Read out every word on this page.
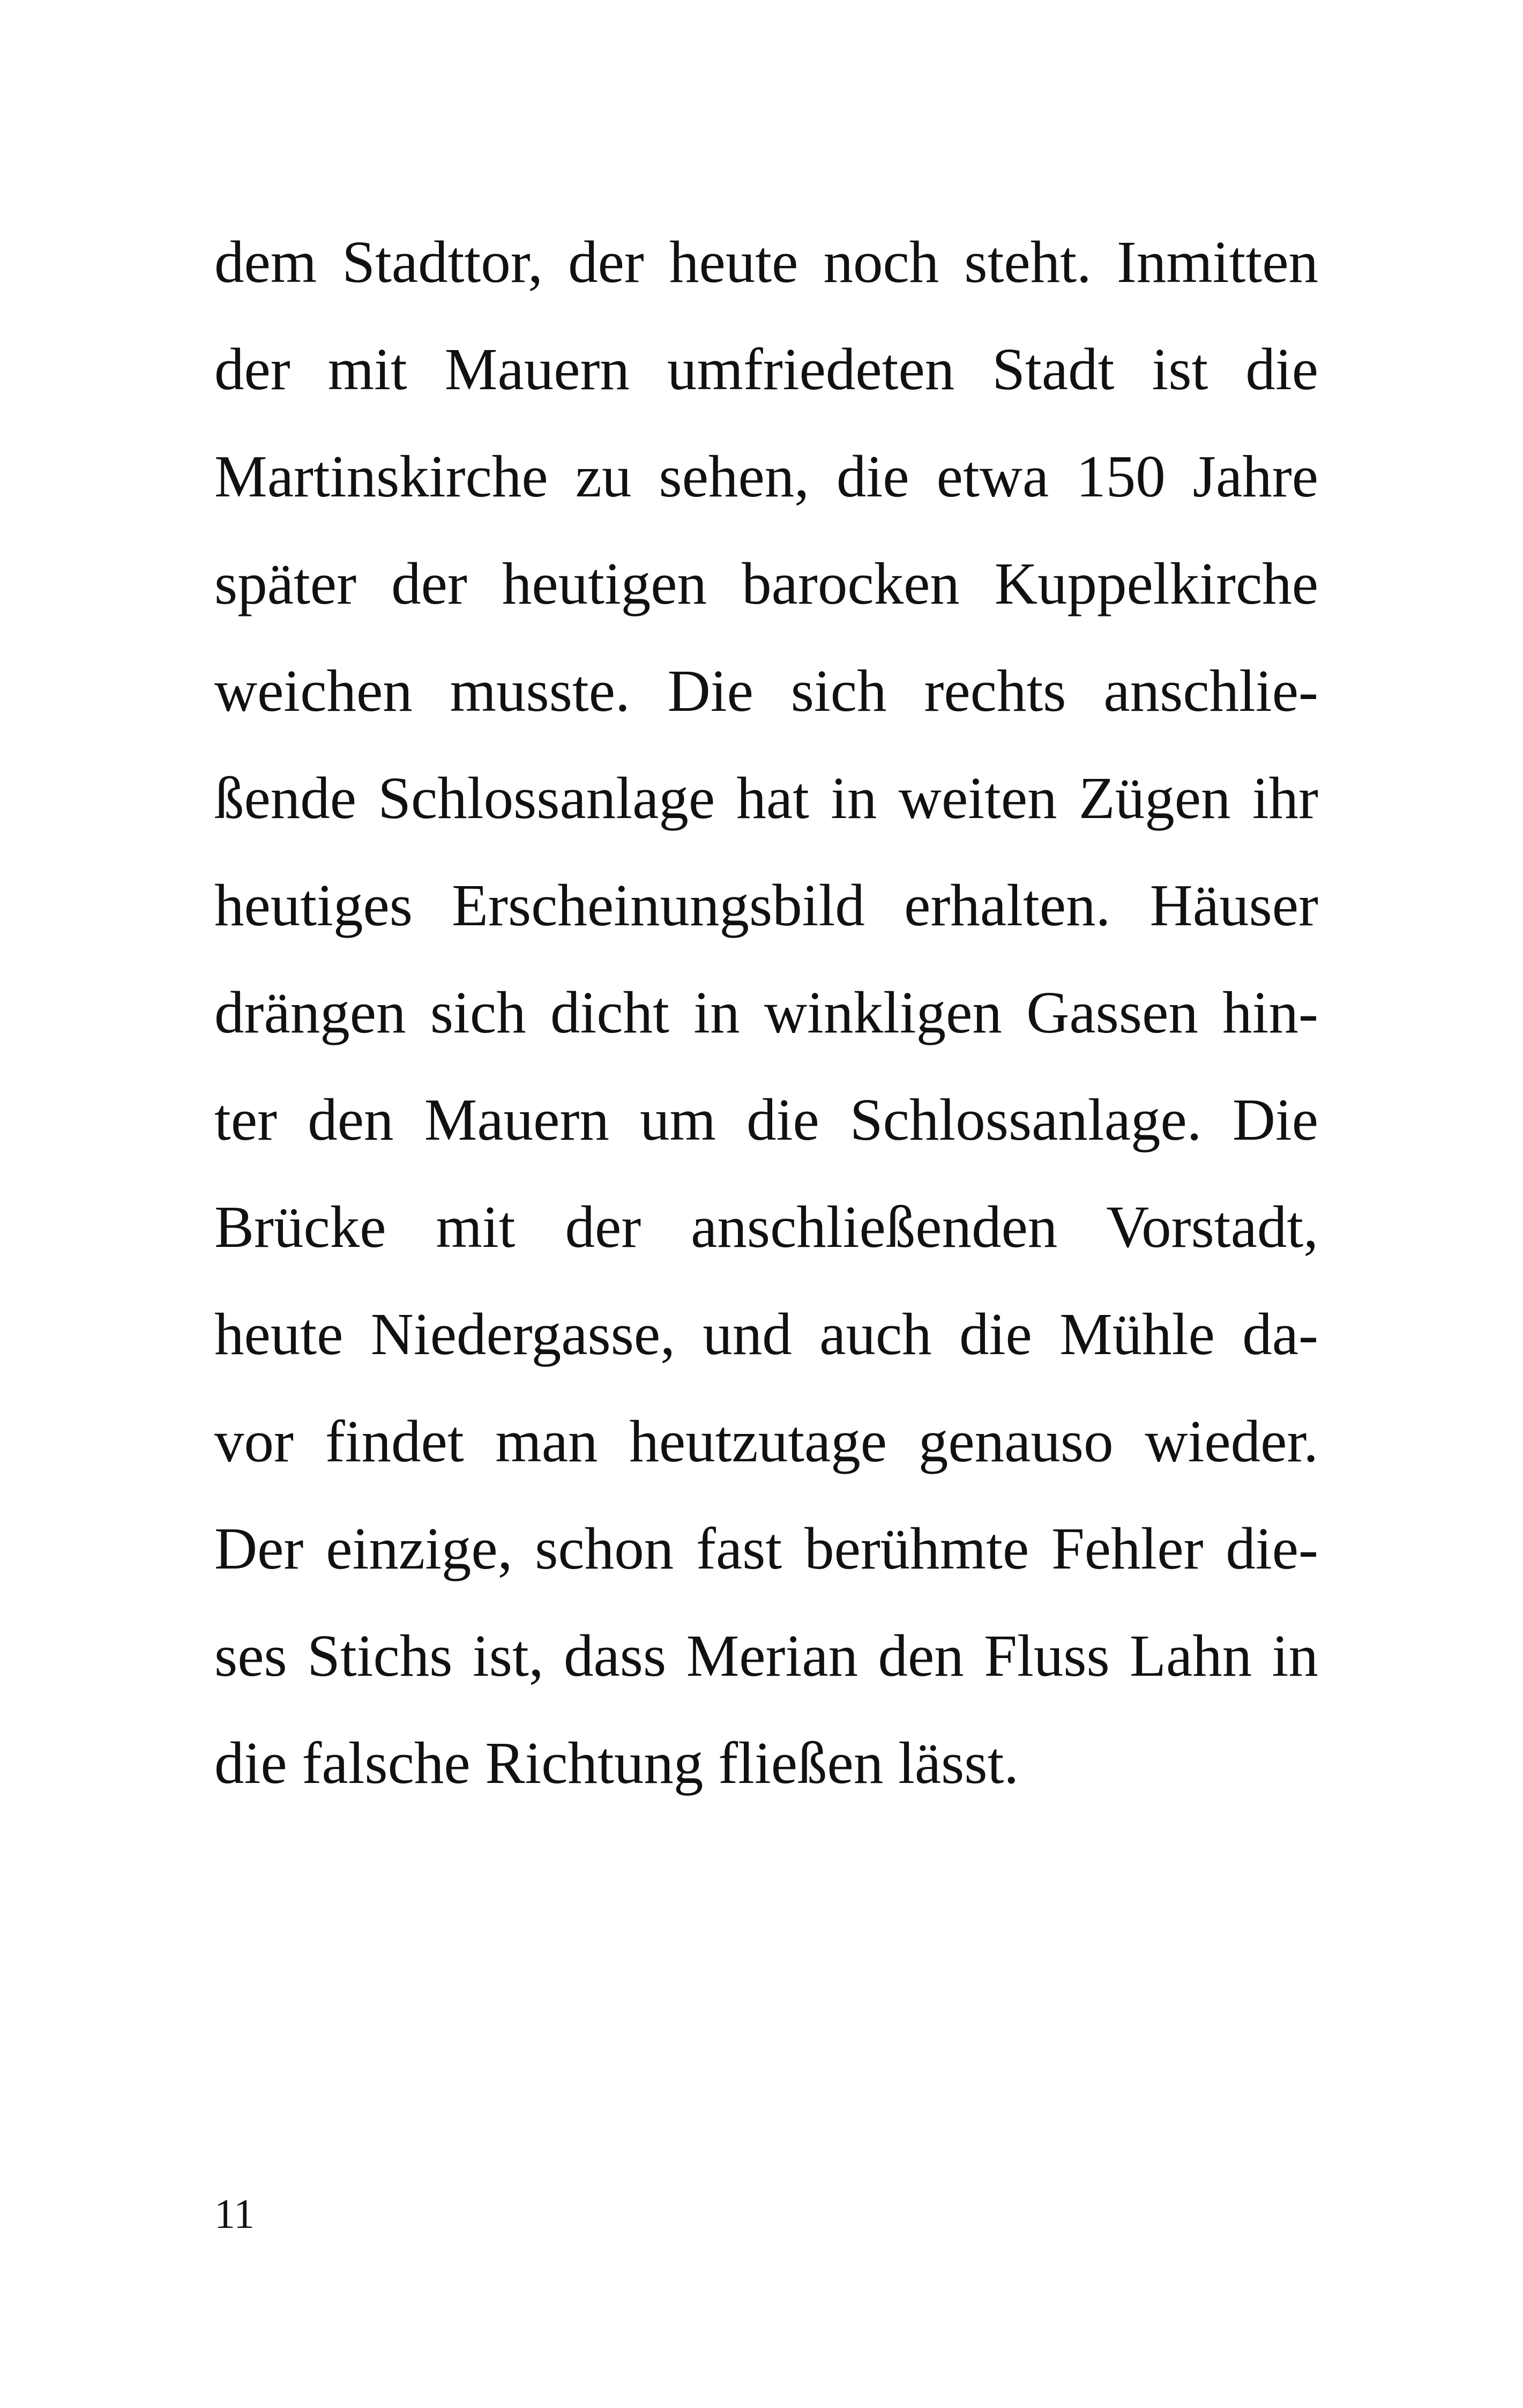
dem Stadttor, der heute noch steht. Inmitten
der mit Mauern umfriedeten Stadt ist die
Martinskirche zu sehen, die etwa 150 Jahre
später der heutigen barocken Kuppelkirche
weichen musste. Die sich rechts anschlie-
ßende Schlossanlage hat in weiten Zügen ihr
heutiges Erscheinungsbild erhalten. Häuser
drängen sich dicht in winkligen Gassen hin-
ter den Mauern um die Schlossanlage. Die
Brücke mit der anschließenden Vorstadt,
heute Niedergasse, und auch die Mühle da-
vor findet man heutzutage genauso wieder.
Der einzige, schon fast berühmte Fehler die-
ses Stichs ist, dass Merian den Fluss Lahn in
die falsche Richtung fließen lässt.
11
